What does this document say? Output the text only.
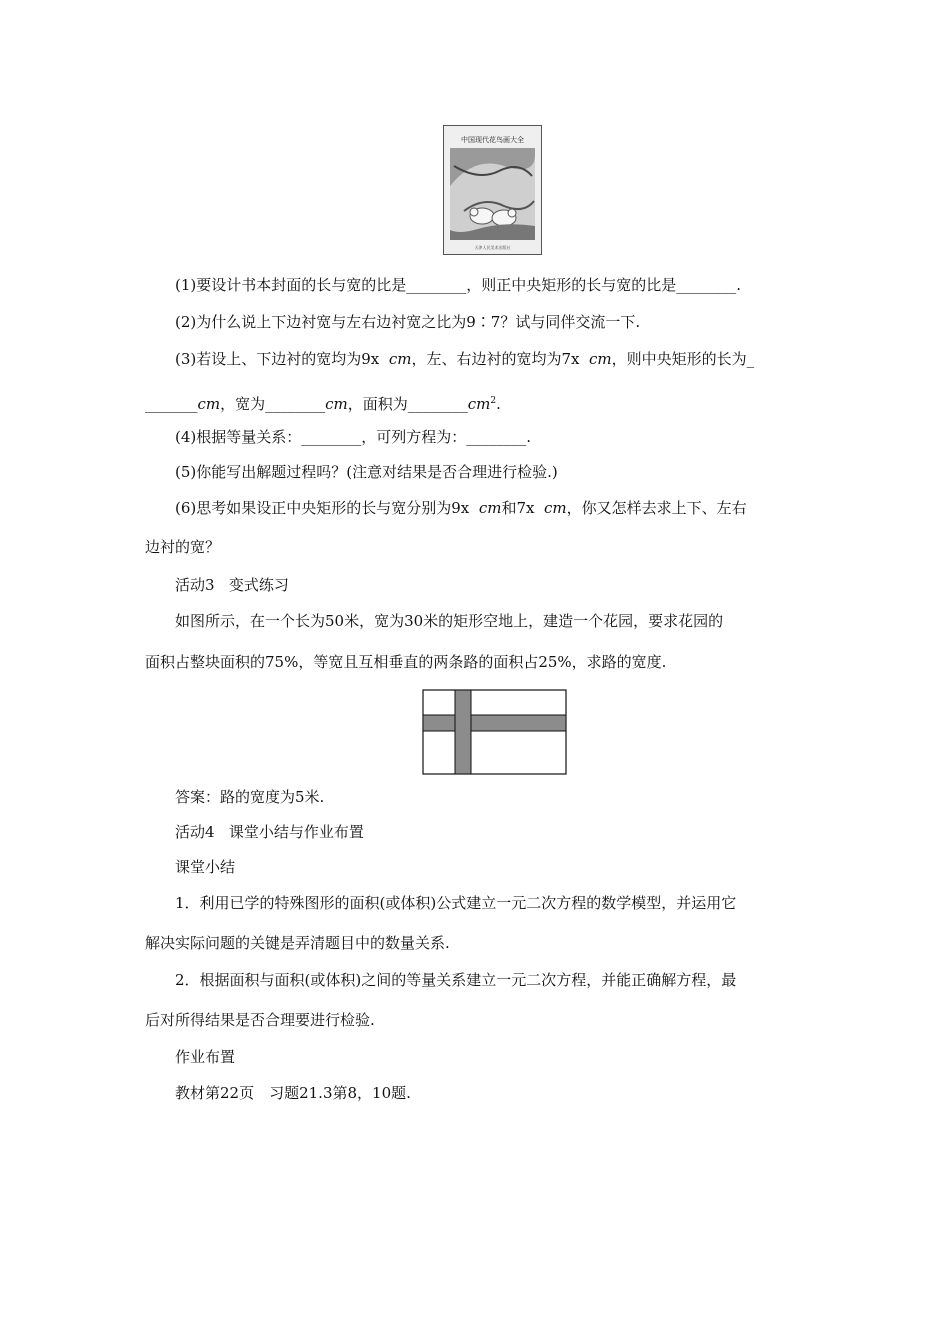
中国现代花鸟画大全
天津人民美术出版社
(1)要设计书本封面的长与宽的比是________，则正中央矩形的长与宽的比是________.
(2)为什么说上下边衬宽与左右边衬宽之比为9∶7？试与同伴交流一下.
(3)若设上、下边衬的宽均为9x cm，左、右边衬的宽均为7x cm，则中央矩形的长为_
_______cm，宽为________cm，面积为$\_\_\_\_\_\_\_\_cm^2$.
(4)根据等量关系：________，可列方程为：________.
(5)你能写出解题过程吗？(注意对结果是否合理进行检验.)
(6)思考如果设正中央矩形的长与宽分别为9x cm和7x cm，你又怎样去求上下、左右
边衬的宽？
活动3 变式练习
如图所示，在一个长为50米，宽为30米的矩形空地上，建造一个花园，要求花园的
面积占整块面积的75%，等宽且互相垂直的两条路的面积占25%，求路的宽度.
答案：路的宽度为5米.
活动4 课堂小结与作业布置
课堂小结
1．利用已学的特殊图形的面积(或体积)公式建立一元二次方程的数学模型，并运用它
解决实际问题的关键是弄清题目中的数量关系.
2．根据面积与面积(或体积)之间的等量关系建立一元二次方程，并能正确解方程，最
后对所得结果是否合理要进行检验.
作业布置
教材第22页　习题21.3第8，10题.
